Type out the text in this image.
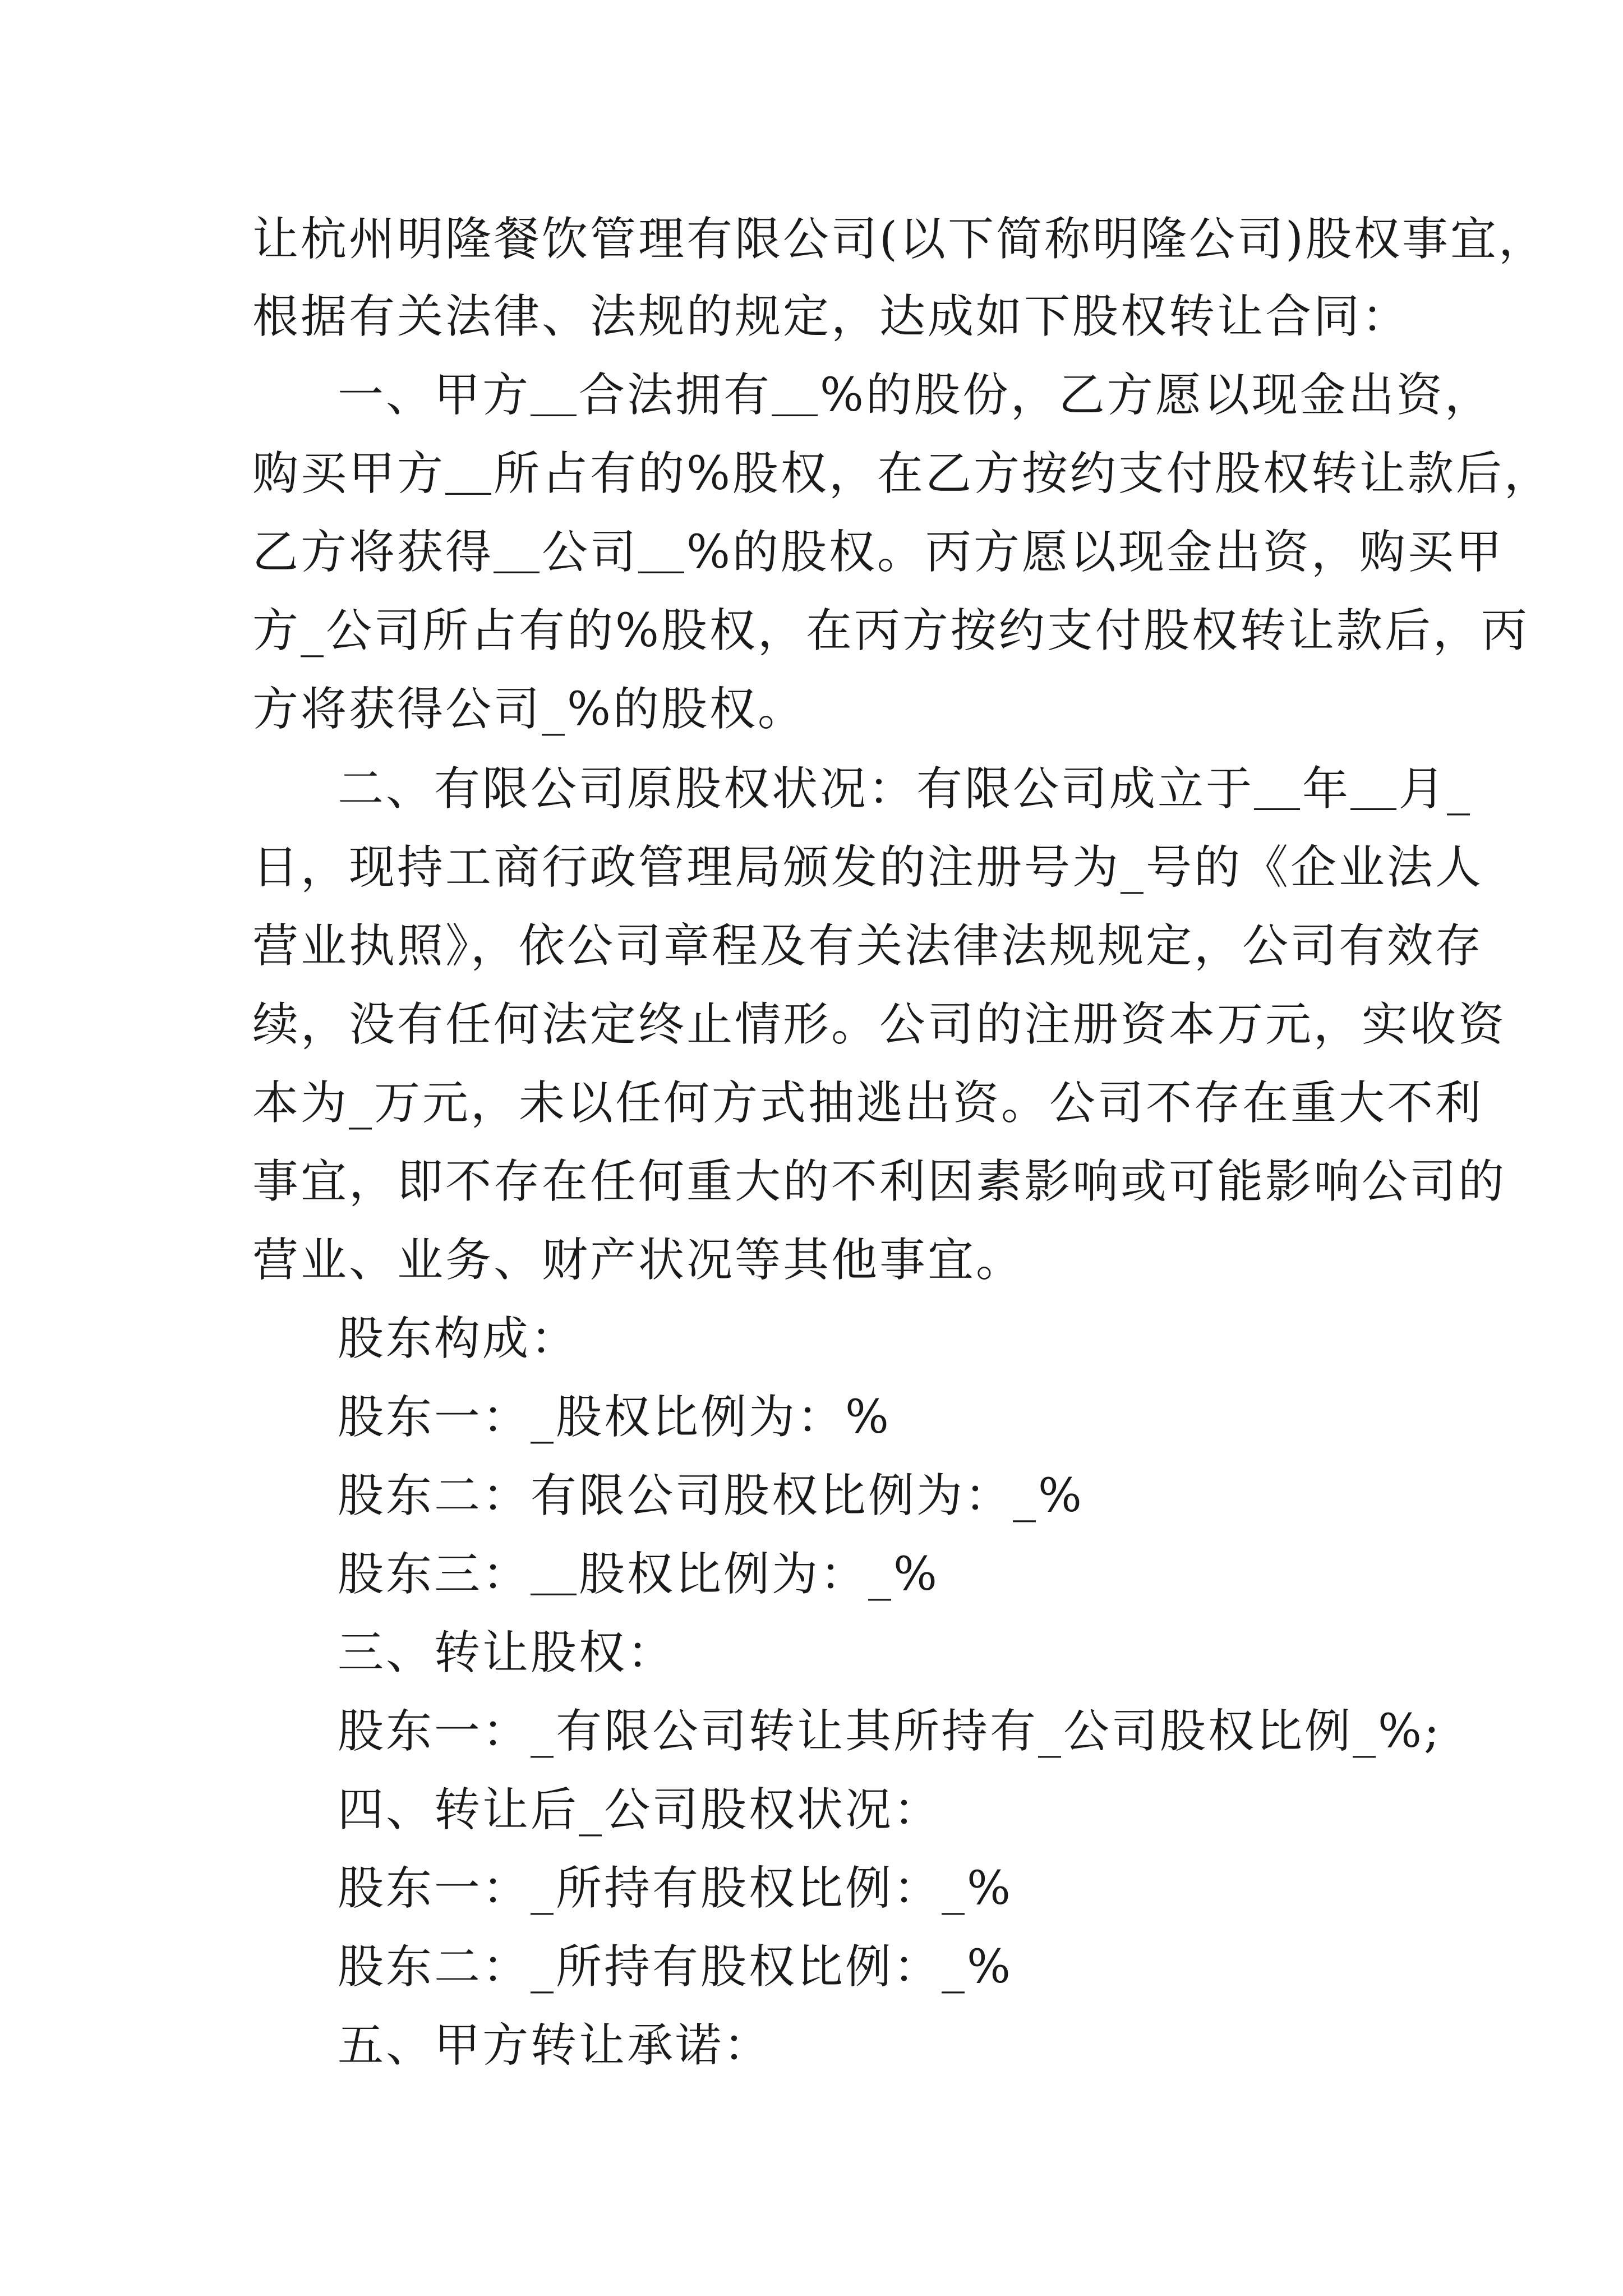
让杭州明隆餐饮管理有限公司(以下简称明隆公司)股权事宜，
根据有关法律、法规的规定，达成如下股权转让合同：
一、甲方＿合法拥有＿%的股份，乙方愿以现金出资，
购买甲方＿所占有的%股权，在乙方按约支付股权转让款后，
乙方将获得＿公司＿%的股权。丙方愿以现金出资，购买甲
方_公司所占有的%股权，在丙方按约支付股权转让款后，丙
方将获得公司_%的股权。
二、有限公司原股权状况：有限公司成立于＿年＿月_
日，现持工商行政管理局颁发的注册号为_号的《企业法人
营业执照》，依公司章程及有关法律法规规定，公司有效存
续，没有任何法定终止情形。公司的注册资本万元，实收资
本为_万元，未以任何方式抽逃出资。公司不存在重大不利
事宜，即不存在任何重大的不利因素影响或可能影响公司的
营业、业务、财产状况等其他事宜。
股东构成：
股东一：_股权比例为：%
股东二：有限公司股权比例为：_%
股东三：＿股权比例为：_%
三、转让股权：
股东一：_有限公司转让其所持有_公司股权比例_%;
四、转让后_公司股权状况：
股东一：_所持有股权比例：_%
股东二：_所持有股权比例：_%
五、甲方转让承诺：
